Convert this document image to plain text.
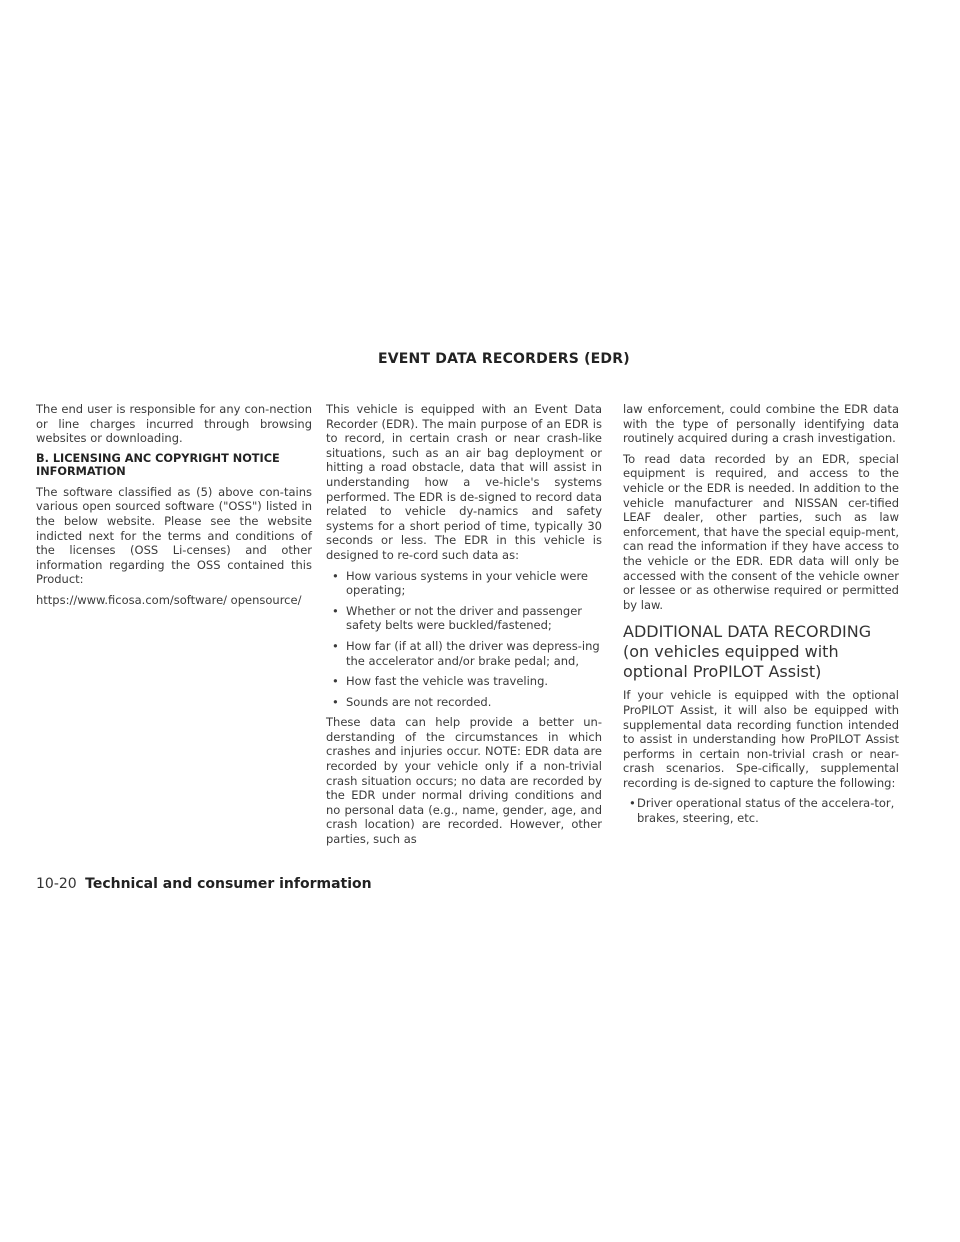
EVENT DATA RECORDERS (EDR)

The end user is responsible for any con-nection or line charges incurred through browsing websites or downloading.

B. LICENSING ANC COPYRIGHT NOTICE INFORMATION

The software classified as (5) above con-tains various open sourced software ("OSS") listed in the below website. Please see the website indicted next for the terms and conditions of the licenses (OSS Li-censes) and other information regarding the OSS contained this Product:

https://www.ficosa.com/software/ opensource/

This vehicle is equipped with an Event Data Recorder (EDR). The main purpose of an EDR is to record, in certain crash or near crash-like situations, such as an air bag deployment or hitting a road obstacle, data that will assist in understanding how a ve-hicle's systems performed. The EDR is de-signed to record data related to vehicle dy-namics and safety systems for a short period of time, typically 30 seconds or less. The EDR in this vehicle is designed to re-cord such data as:

• How various systems in your vehicle were operating;
• Whether or not the driver and passenger safety belts were buckled/fastened;
• How far (if at all) the driver was depress-ing the accelerator and/or brake pedal; and,
• How fast the vehicle was traveling.
• Sounds are not recorded.

These data can help provide a better un-derstanding of the circumstances in which crashes and injuries occur. NOTE: EDR data are recorded by your vehicle only if a non-trivial crash situation occurs; no data are recorded by the EDR under normal driving conditions and no personal data (e.g., name, gender, age, and crash location) are recorded. However, other parties, such as

law enforcement, could combine the EDR data with the type of personally identifying data routinely acquired during a crash investigation.

To read data recorded by an EDR, special equipment is required, and access to the vehicle or the EDR is needed. In addition to the vehicle manufacturer and NISSAN cer-tified LEAF dealer, other parties, such as law enforcement, that have the special equip-ment, can read the information if they have access to the vehicle or the EDR. EDR data will only be accessed with the consent of the vehicle owner or lessee or as otherwise required or permitted by law.

ADDITIONAL DATA RECORDING (on vehicles equipped with optional ProPILOT Assist)

If your vehicle is equipped with the optional ProPILOT Assist, it will also be equipped with supplemental data recording function intended to assist in understanding how ProPILOT Assist performs in certain non-trivial crash or near-crash scenarios. Spe-cifically, supplemental recording is de-signed to capture the following:

•Driver operational status of the accelera-tor, brakes, steering, etc.
10-20 Technical and consumer information
